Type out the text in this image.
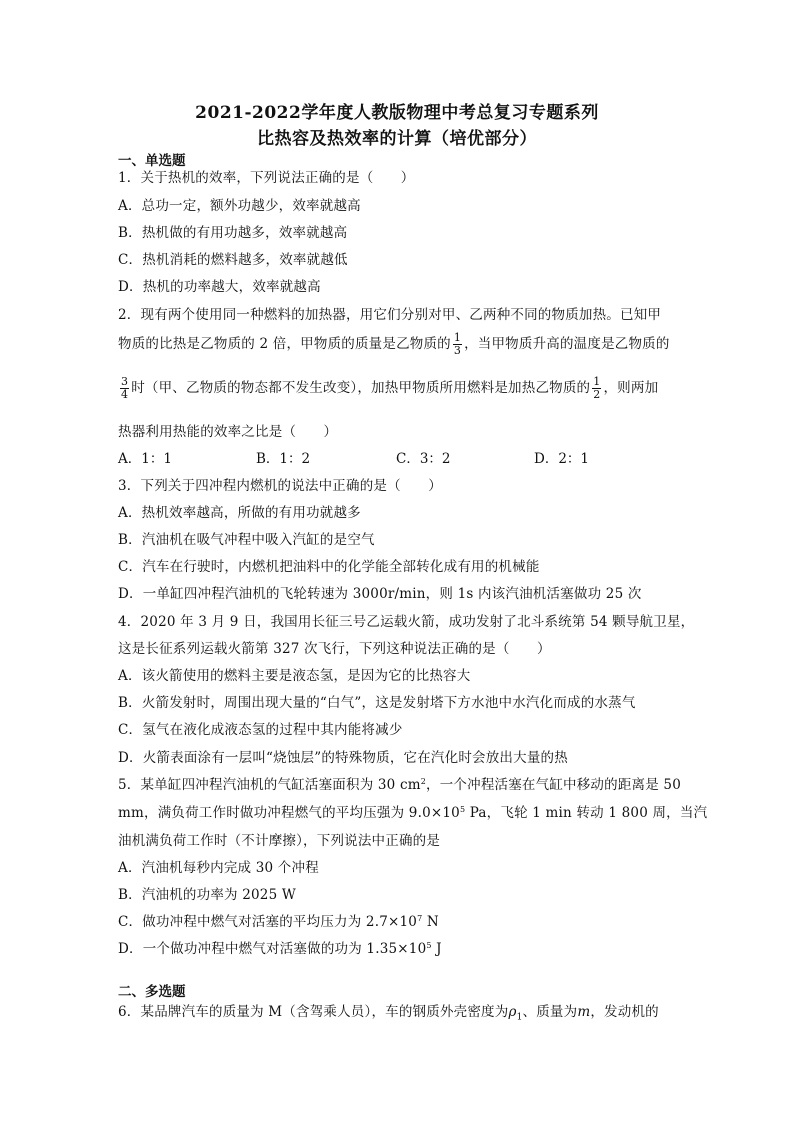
2021-2022学年度人教版物理中考总复习专题系列
比热容及热效率的计算（培优部分）
一、单选题
1．关于热机的效率，下列说法正确的是（　　）
A．总功一定，额外功越少，效率就越高
B．热机做的有用功越多，效率就越高
C．热机消耗的燃料越多，效率就越低
D．热机的功率越大，效率就越高
2．现有两个使用同一种燃料的加热器，用它们分别对甲、乙两种不同的物质加热。已知甲
物质的比热是乙物质的 2 倍，甲物质的质量是乙物质的 $\frac{1}{3}$ ，当甲物质升高的温度是乙物质的
$\frac{3}{4}$ 时（甲、乙物质的物态都不发生改变），加热甲物质所用燃料是加热乙物质的 $\frac{1}{2}$ ，则两加
热器利用热能的效率之比是（　　）
A．1：1	B．1：2	C．3：2	D．2：1
3．下列关于四冲程内燃机的说法中正确的是（　　）
A．热机效率越高，所做的有用功就越多
B．汽油机在吸气冲程中吸入汽缸的是空气
C．汽车在行驶时，内燃机把油料中的化学能全部转化成有用的机械能
D．一单缸四冲程汽油机的飞轮转速为 3000r/min，则 1s 内该汽油机活塞做功 25 次
4．2020 年 3 月 9 日，我国用长征三号乙运载火箭，成功发射了北斗系统第 54 颗导航卫星，
这是长征系列运载火箭第 327 次飞行，下列这种说法正确的是（　　）
A．该火箭使用的燃料主要是液态氢，是因为它的比热容大
B．火箭发射时，周围出现大量的“白气”，这是发射塔下方水池中水汽化而成的水蒸气
C．氢气在液化成液态氢的过程中其内能将减少
D．火箭表面涂有一层叫“烧蚀层”的特殊物质，它在汽化时会放出大量的热
5．某单缸四冲程汽油机的气缸活塞面积为 30 $cm^2$，一个冲程活塞在气缸中移动的距离是 50
mm，满负荷工作时做功冲程燃气的平均压强为 $9.0\times 10^5$ Pa，飞轮 1 min 转动 1 800 周，当汽
油机满负荷工作时（不计摩擦），下列说法中正确的是
A．汽油机每秒内完成 30 个冲程
B．汽油机的功率为 2025 W
C．做功冲程中燃气对活塞的平均压力为 $2.7\times 10^7$ N
D．一个做功冲程中燃气对活塞做的功为 $1.35\times 10^5$ J
二、多选题
6．某品牌汽车的质量为 M（含驾乘人员），车的钢质外壳密度为$\rho_1$、质量为m，发动机的
